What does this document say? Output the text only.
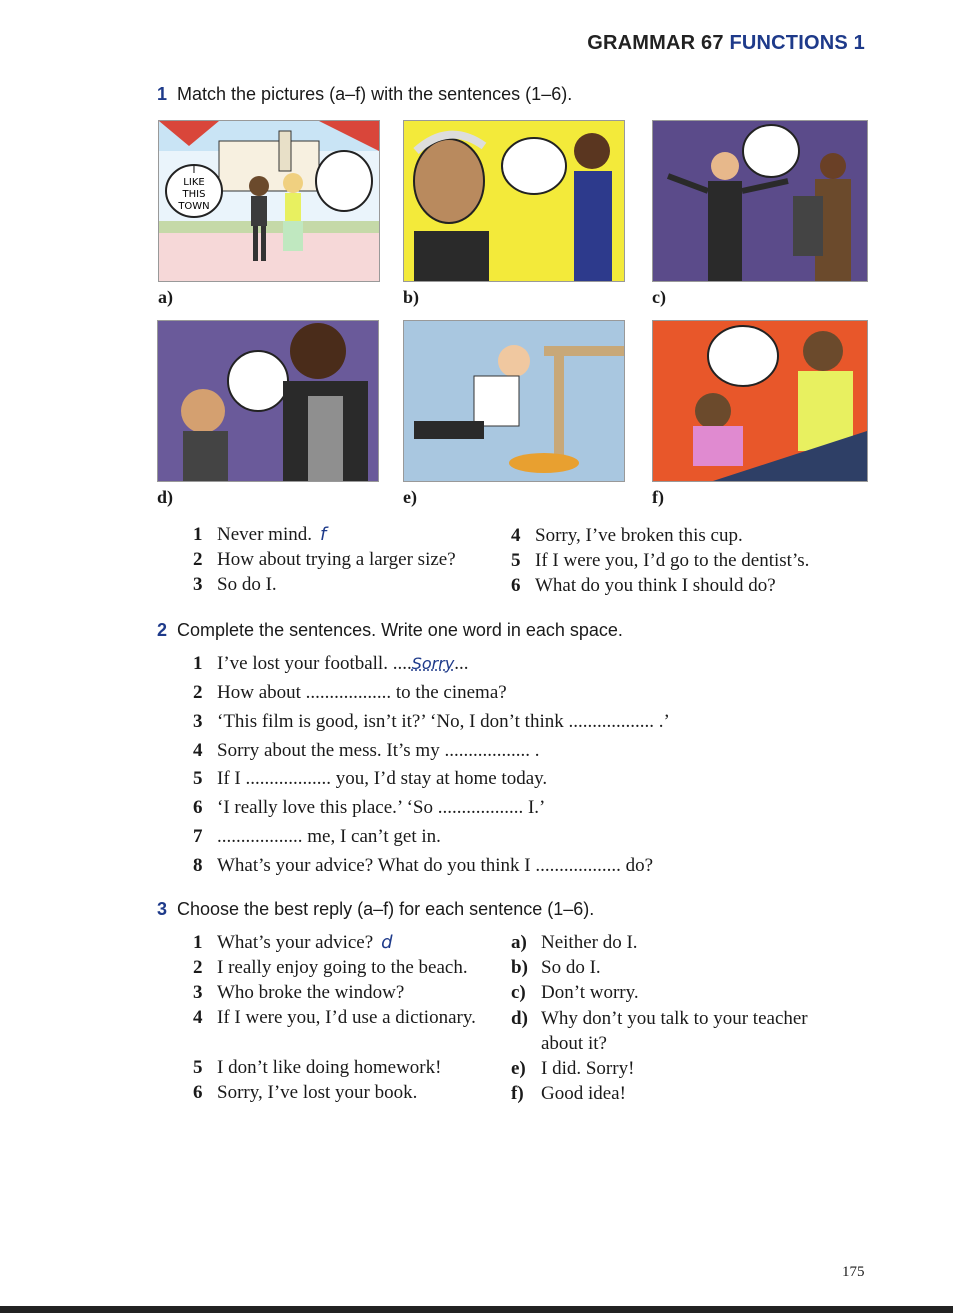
GRAMMAR 67 FUNCTIONS 1
1 Match the pictures (a–f) with the sentences (1–6).
I
LIKE
THIS
TOWN
a)	b)	c)
d)	e)	f)
1 Never mind. f
2 How about trying a larger size?
3 So do I.
4 Sorry, I’ve broken this cup.
5 If I were you, I’d go to the dentist’s.
6 What do you think I should do?
2 Complete the sentences. Write one word in each space.
1 I’ve lost your football. ....Sorry...
2 How about .................. to the cinema?
3 ‘This film is good, isn’t it?’ ‘No, I don’t think .................. .’
4 Sorry about the mess. It’s my .................. .
5 If I .................. you, I’d stay at home today.
6 ‘I really love this place.’ ‘So .................. I.’
7 .................. me, I can’t get in.
8 What’s your advice? What do you think I .................. do?
3 Choose the best reply (a–f) for each sentence (1–6).
1 What’s your advice? d
2 I really enjoy going to the beach.
3 Who broke the window?
4 If I were you, I’d use a dictionary.
5 I don’t like doing homework!
6 Sorry, I’ve lost your book.
a) Neither do I.
b) So do I.
c) Don’t worry.
d) Why don’t you talk to your teacher
about it?
e) I did. Sorry!
f) Good idea!
175
